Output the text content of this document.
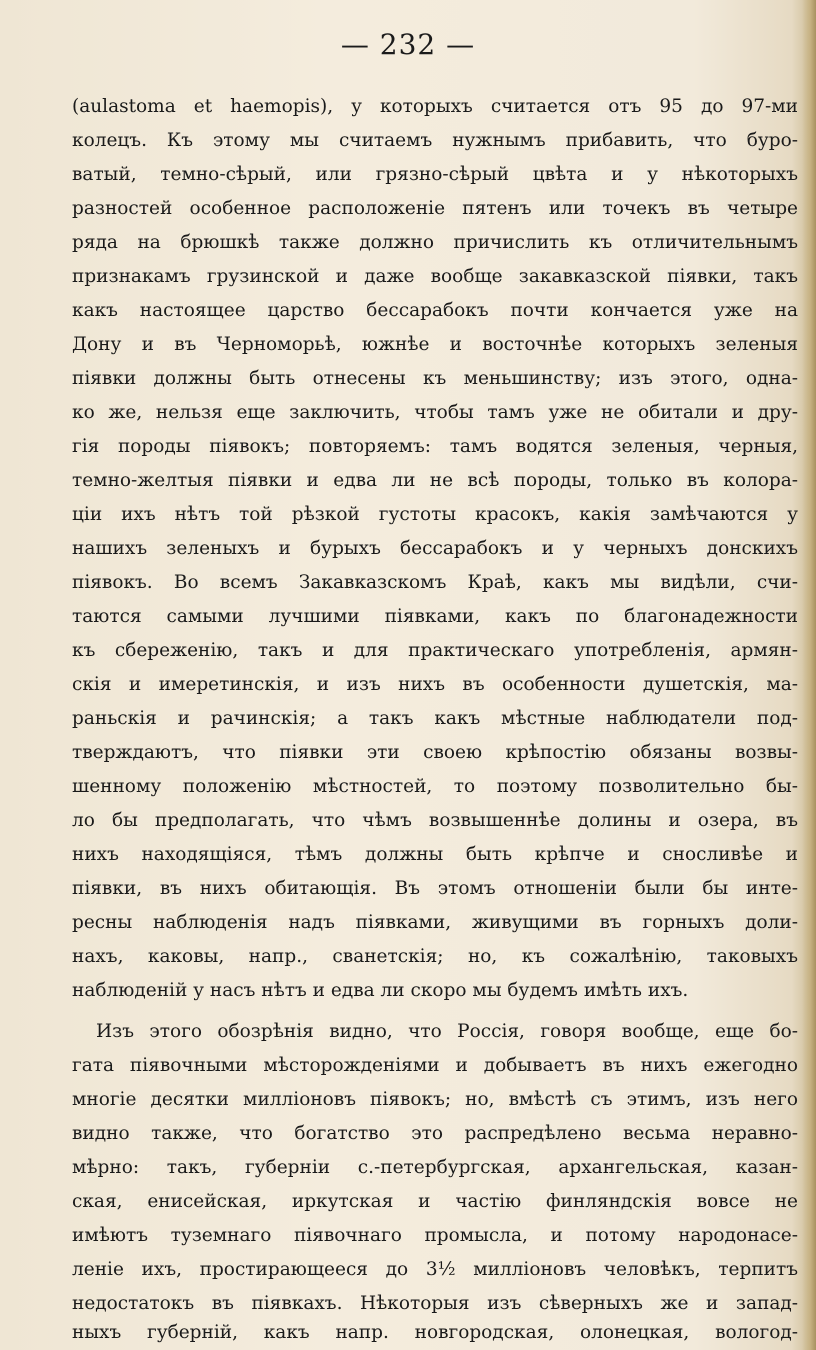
— 232 —
(aulastoma et haemopis), у которыхъ считается отъ 95 до 97-ми
колецъ. Къ этому мы считаемъ нужнымъ прибавить, что буро-
ватый, темно-сѣрый, или грязно-сѣрый цвѣта и у нѣкоторыхъ
разностей особенное расположеніе пятенъ или точекъ въ четыре
ряда на брюшкѣ также должно причислить къ отличительнымъ
признакамъ грузинской и даже вообще закавказской піявки, такъ
какъ настоящее царство бессарабокъ почти кончается уже на
Дону и въ Черноморьѣ, южнѣе и восточнѣе которыхъ зеленыя
піявки должны быть отнесены къ меньшинству; изъ этого, одна-
ко же, нельзя еще заключить, чтобы тамъ уже не обитали и дру-
гія породы піявокъ; повторяемъ: тамъ водятся зеленыя, черныя,
темно-желтыя піявки и едва ли не всѣ породы, только въ колора-
ціи ихъ нѣтъ той рѣзкой густоты красокъ, какія замѣчаются у
нашихъ зеленыхъ и бурыхъ бессарабокъ и у черныхъ донскихъ
піявокъ. Во всемъ Закавказскомъ Краѣ, какъ мы видѣли, счи-
таются самыми лучшими піявками, какъ по благонадежности
къ сбереженію, такъ и для практическаго употребленія, армян-
скія и имеретинскія, и изъ нихъ въ особенности душетскія, ма-
раньскія и рачинскія; а такъ какъ мѣстные наблюдатели под-
тверждаютъ, что піявки эти своею крѣпостію обязаны возвы-
шенному положенію мѣстностей, то поэтому позволительно бы-
ло бы предполагать, что чѣмъ возвышеннѣе долины и озера, въ
нихъ находящіяся, тѣмъ должны быть крѣпче и сносливѣе и
піявки, въ нихъ обитающія. Въ этомъ отношеніи были бы инте-
ресны наблюденія надъ піявками, живущими въ горныхъ доли-
нахъ, каковы, напр., сванетскія; но, къ сожалѣнію, таковыхъ
наблюденій у насъ нѣтъ и едва ли скоро мы будемъ имѣть ихъ.
Изъ этого обозрѣнія видно, что Россія, говоря вообще, еще бо-
гата піявочными мѣсторожденіями и добываетъ въ нихъ ежегодно
многіе десятки милліоновъ піявокъ; но, вмѣстѣ съ этимъ, изъ него
видно также, что богатство это распредѣлено весьма неравно-
мѣрно: такъ, губерніи с.-петербургская, архангельская, казан-
ская, енисейская, иркутская и частію финляндскія вовсе не
имѣютъ туземнаго піявочнаго промысла, и потому народонасе-
леніе ихъ, простирающееся до 3½ милліоновъ человѣкъ, терпитъ
недостатокъ въ піявкахъ. Нѣкоторыя изъ сѣверныхъ же и запад-
ныхъ губерній, какъ напр. новгородская, олонецкая, вологод-
